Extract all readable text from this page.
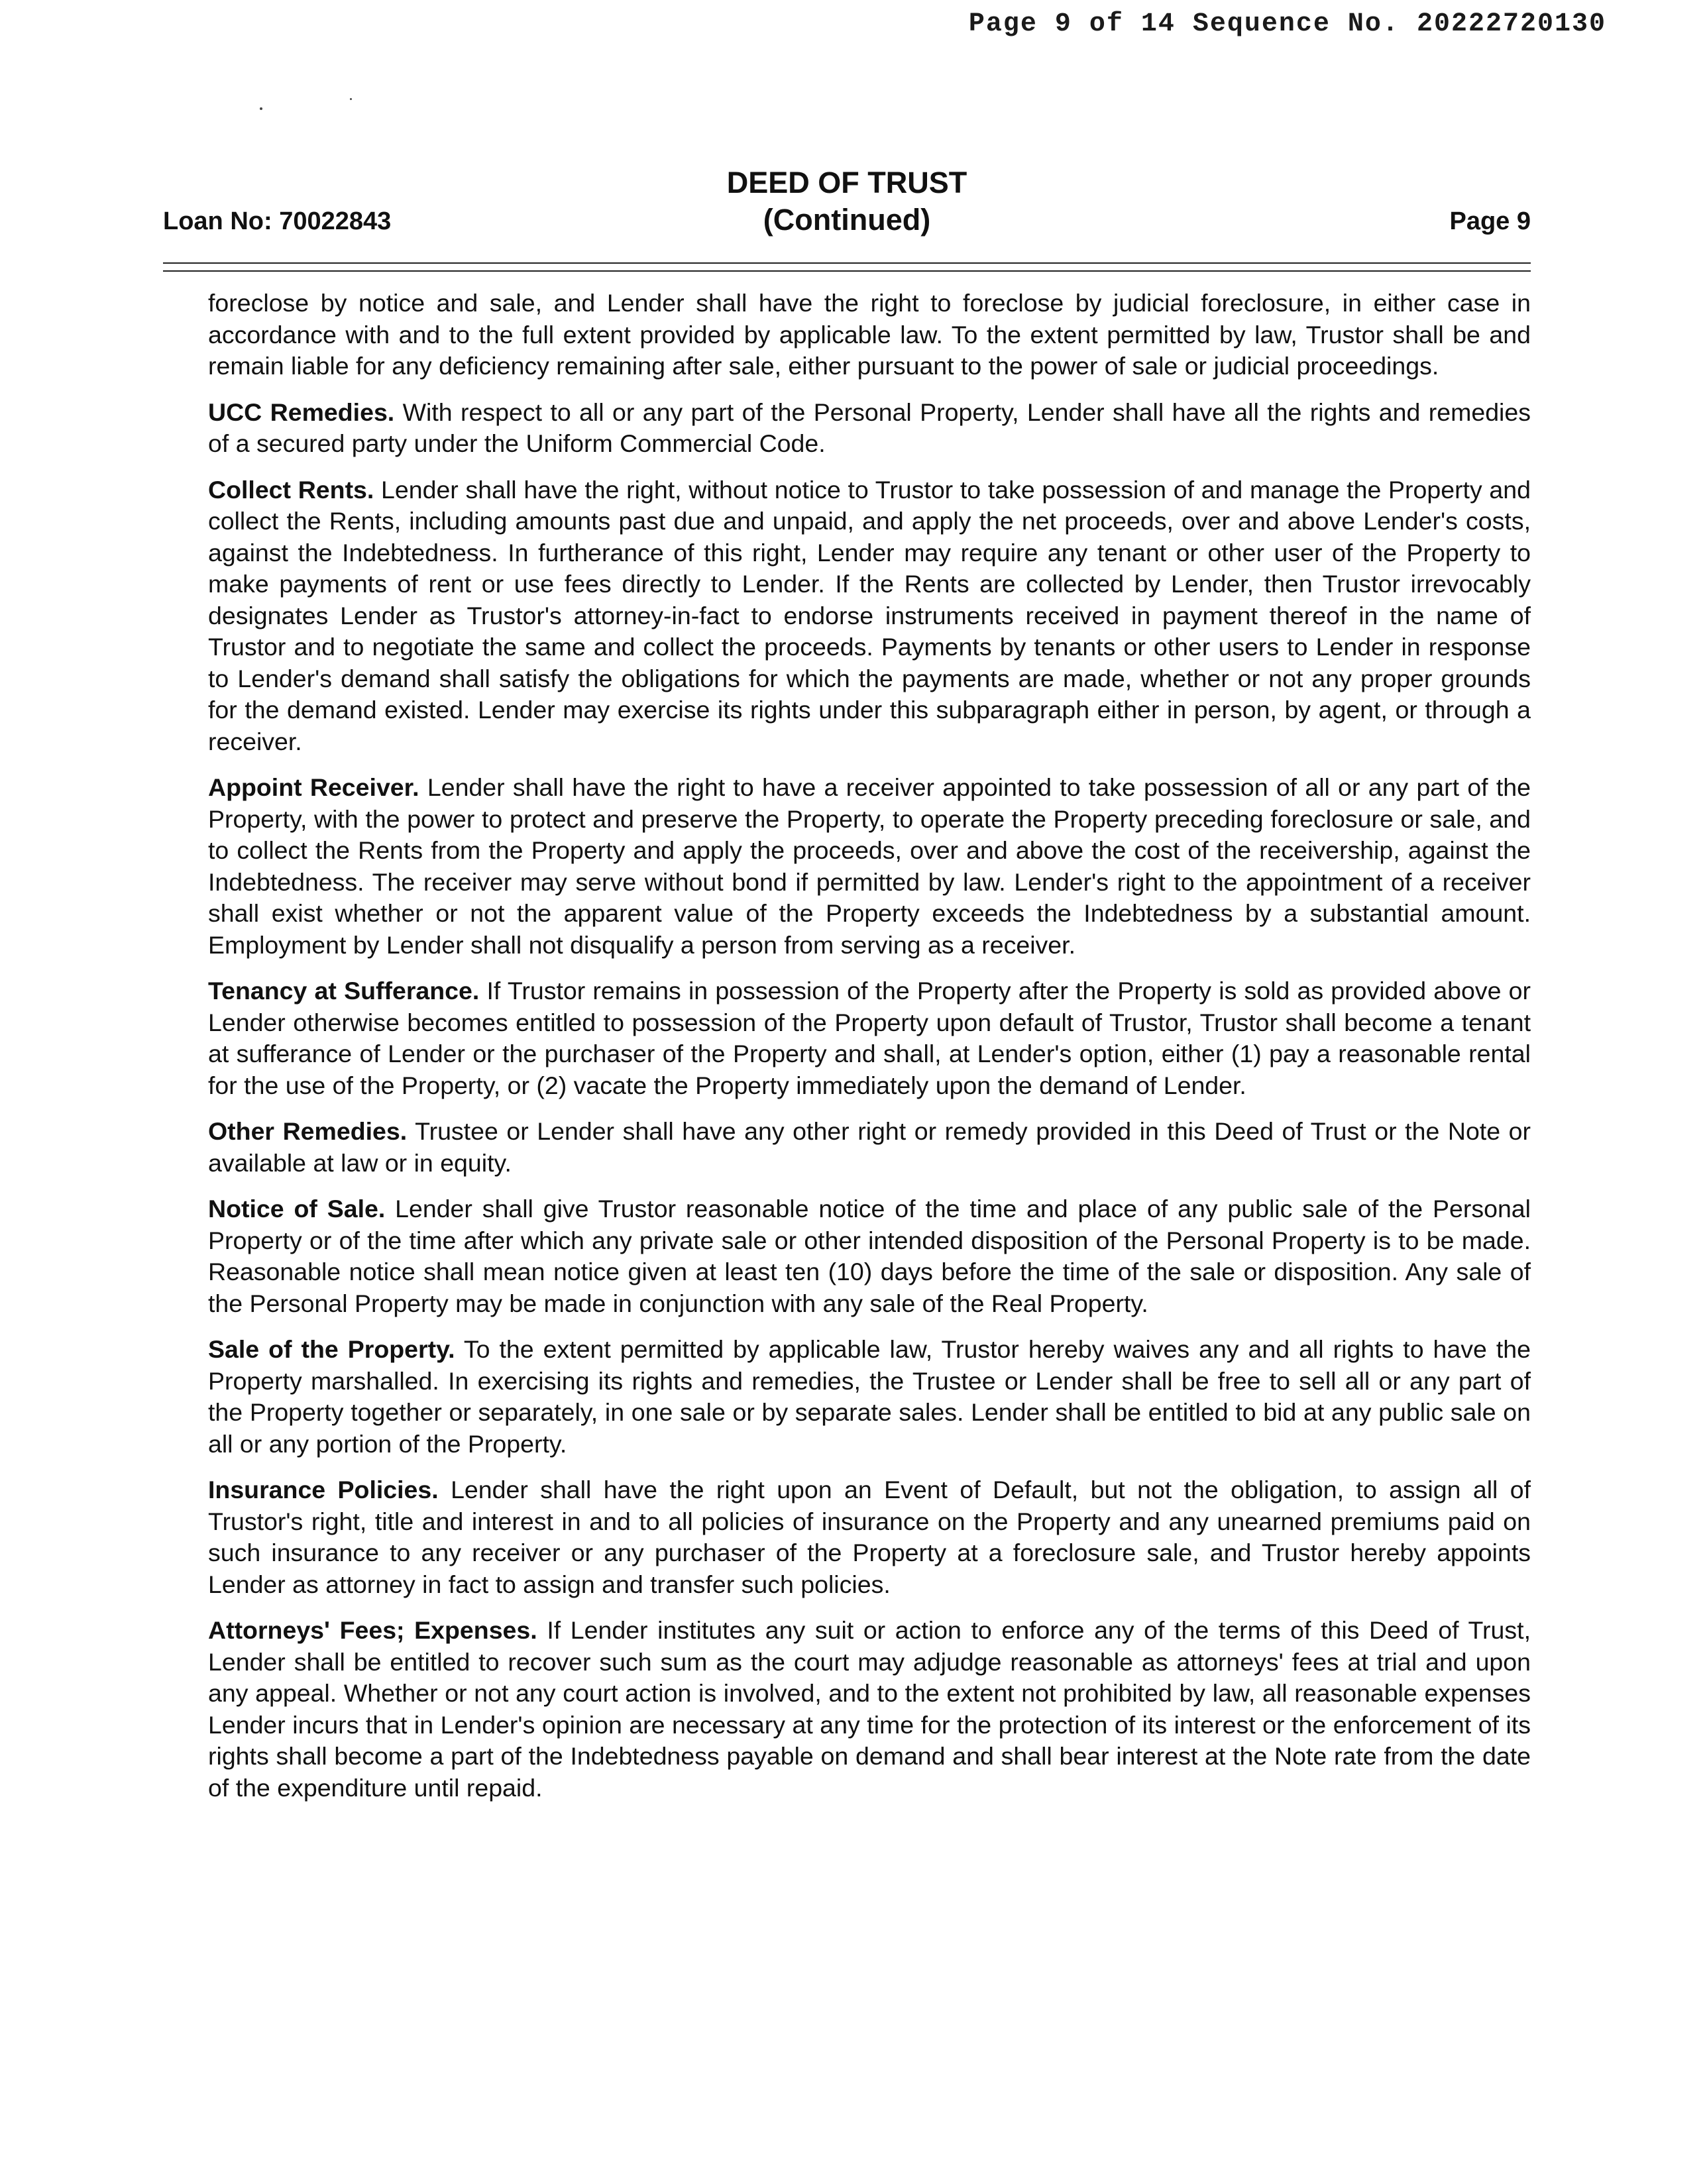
Page 9 of 14 Sequence No. 20222720130
DEED OF TRUST
(Continued)
Loan No: 70022843	Page 9

foreclose by notice and sale, and Lender shall have the right to foreclose by judicial foreclosure, in either case in accordance with and to the full extent provided by applicable law. To the extent permitted by law, Trustor shall be and remain liable for any deficiency remaining after sale, either pursuant to the power of sale or judicial proceedings.

UCC Remedies. With respect to all or any part of the Personal Property, Lender shall have all the rights and remedies of a secured party under the Uniform Commercial Code.

Collect Rents. Lender shall have the right, without notice to Trustor to take possession of and manage the Property and collect the Rents, including amounts past due and unpaid, and apply the net proceeds, over and above Lender's costs, against the Indebtedness. In furtherance of this right, Lender may require any tenant or other user of the Property to make payments of rent or use fees directly to Lender. If the Rents are collected by Lender, then Trustor irrevocably designates Lender as Trustor's attorney-in-fact to endorse instruments received in payment thereof in the name of Trustor and to negotiate the same and collect the proceeds. Payments by tenants or other users to Lender in response to Lender's demand shall satisfy the obligations for which the payments are made, whether or not any proper grounds for the demand existed. Lender may exercise its rights under this subparagraph either in person, by agent, or through a receiver.

Appoint Receiver. Lender shall have the right to have a receiver appointed to take possession of all or any part of the Property, with the power to protect and preserve the Property, to operate the Property preceding foreclosure or sale, and to collect the Rents from the Property and apply the proceeds, over and above the cost of the receivership, against the Indebtedness. The receiver may serve without bond if permitted by law. Lender's right to the appointment of a receiver shall exist whether or not the apparent value of the Property exceeds the Indebtedness by a substantial amount. Employment by Lender shall not disqualify a person from serving as a receiver.

Tenancy at Sufferance. If Trustor remains in possession of the Property after the Property is sold as provided above or Lender otherwise becomes entitled to possession of the Property upon default of Trustor, Trustor shall become a tenant at sufferance of Lender or the purchaser of the Property and shall, at Lender's option, either (1) pay a reasonable rental for the use of the Property, or (2) vacate the Property immediately upon the demand of Lender.

Other Remedies. Trustee or Lender shall have any other right or remedy provided in this Deed of Trust or the Note or available at law or in equity.

Notice of Sale. Lender shall give Trustor reasonable notice of the time and place of any public sale of the Personal Property or of the time after which any private sale or other intended disposition of the Personal Property is to be made. Reasonable notice shall mean notice given at least ten (10) days before the time of the sale or disposition. Any sale of the Personal Property may be made in conjunction with any sale of the Real Property.

Sale of the Property. To the extent permitted by applicable law, Trustor hereby waives any and all rights to have the Property marshalled. In exercising its rights and remedies, the Trustee or Lender shall be free to sell all or any part of the Property together or separately, in one sale or by separate sales. Lender shall be entitled to bid at any public sale on all or any portion of the Property.

Insurance Policies. Lender shall have the right upon an Event of Default, but not the obligation, to assign all of Trustor's right, title and interest in and to all policies of insurance on the Property and any unearned premiums paid on such insurance to any receiver or any purchaser of the Property at a foreclosure sale, and Trustor hereby appoints Lender as attorney in fact to assign and transfer such policies.

Attorneys' Fees; Expenses. If Lender institutes any suit or action to enforce any of the terms of this Deed of Trust, Lender shall be entitled to recover such sum as the court may adjudge reasonable as attorneys' fees at trial and upon any appeal. Whether or not any court action is involved, and to the extent not prohibited by law, all reasonable expenses Lender incurs that in Lender's opinion are necessary at any time for the protection of its interest or the enforcement of its rights shall become a part of the Indebtedness payable on demand and shall bear interest at the Note rate from the date of the expenditure until repaid.
